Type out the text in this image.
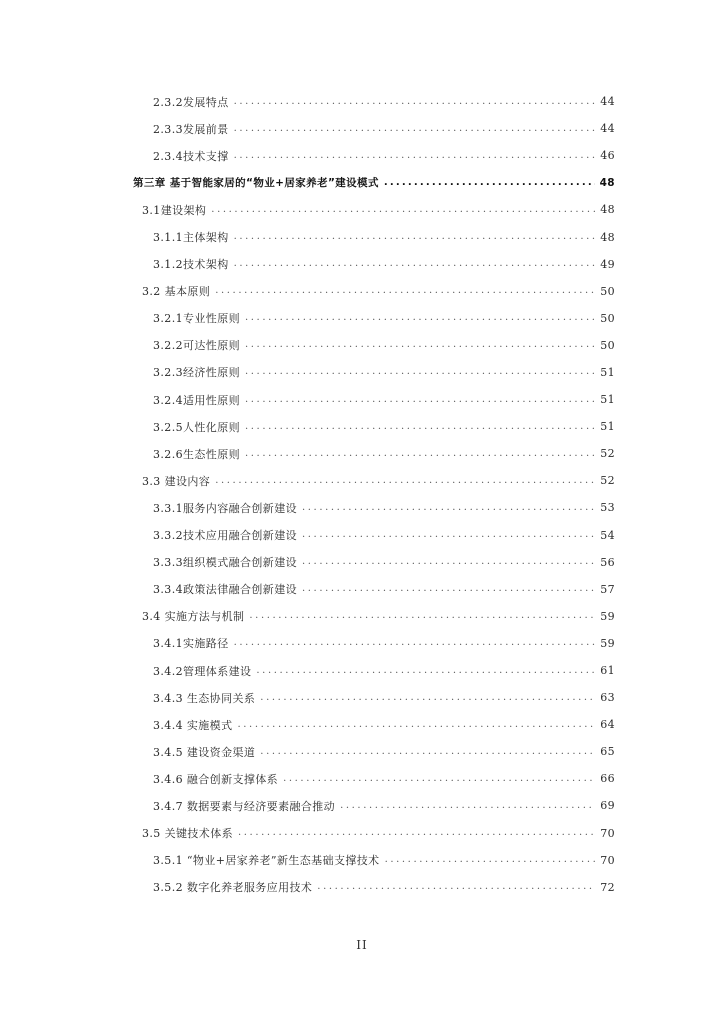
2.3.2发展特点 .....	44
2.3.3发展前景 .....	44
2.3.4技术支撑 .....	46
第三章 基于智能家居的“物业+居家养老”建设模式 .....	48
3.1建设架构 .....	48
3.1.1主体架构 .....	48
3.1.2技术架构 .....	49
3.2 基本原则 .....	50
3.2.1专业性原则 .....	50
3.2.2可达性原则 .....	50
3.2.3经济性原则 .....	51
3.2.4适用性原则 .....	51
3.2.5人性化原则 .....	51
3.2.6生态性原则 .....	52
3.3 建设内容 .....	52
3.3.1服务内容融合创新建设 .....	53
3.3.2技术应用融合创新建设 .....	54
3.3.3组织模式融合创新建设 .....	56
3.3.4政策法律融合创新建设 .....	57
3.4 实施方法与机制 .....	59
3.4.1实施路径 .....	59
3.4.2管理体系建设 .....	61
3.4.3 生态协同关系 .....	63
3.4.4 实施模式 .....	64
3.4.5 建设资金渠道 .....	65
3.4.6 融合创新支撑体系 .....	66
3.4.7 数据要素与经济要素融合推动 .....	69
3.5 关键技术体系 .....	70
3.5.1 “物业+居家养老”新生态基础支撑技术 .....	70
3.5.2 数字化养老服务应用技术 .....	72
II
